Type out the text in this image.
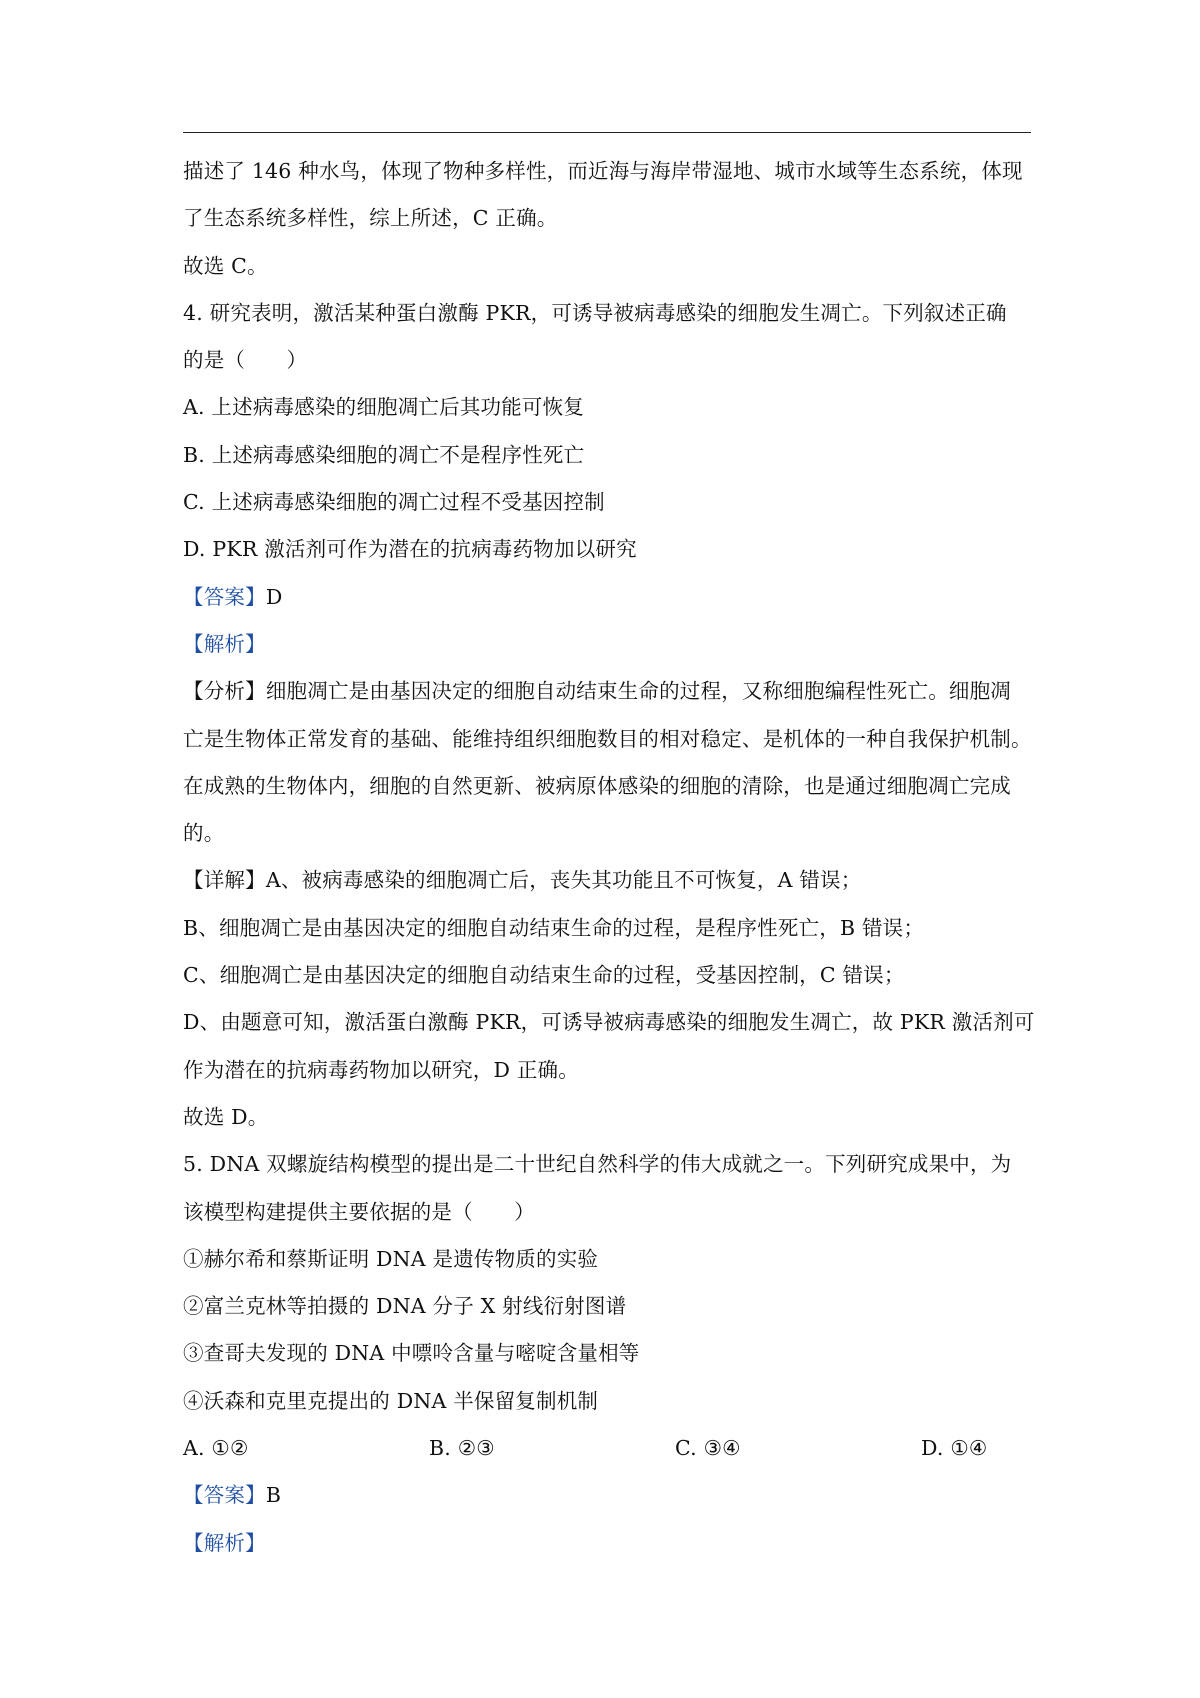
描述了 146 种水鸟，体现了物种多样性，而近海与海岸带湿地、城市水域等生态系统，体现
了生态系统多样性，综上所述，C 正确。
故选 C。
4. 研究表明，激活某种蛋白激酶 PKR，可诱导被病毒感染的细胞发生凋亡。下列叙述正确
的是（　　）
A. 上述病毒感染的细胞凋亡后其功能可恢复
B. 上述病毒感染细胞的凋亡不是程序性死亡
C. 上述病毒感染细胞的凋亡过程不受基因控制
D. PKR 激活剂可作为潜在的抗病毒药物加以研究
【答案】D
【解析】
【分析】细胞凋亡是由基因决定的细胞自动结束生命的过程，又称细胞编程性死亡。细胞凋
亡是生物体正常发育的基础、能维持组织细胞数目的相对稳定、是机体的一种自我保护机制。
在成熟的生物体内，细胞的自然更新、被病原体感染的细胞的清除，也是通过细胞凋亡完成
的。
【详解】A、被病毒感染的细胞凋亡后，丧失其功能且不可恢复，A 错误；
B、细胞凋亡是由基因决定的细胞自动结束生命的过程，是程序性死亡，B 错误；
C、细胞凋亡是由基因决定的细胞自动结束生命的过程，受基因控制，C 错误；
D、由题意可知，激活蛋白激酶 PKR，可诱导被病毒感染的细胞发生凋亡，故 PKR 激活剂可
作为潜在的抗病毒药物加以研究，D 正确。
故选 D。
5. DNA 双螺旋结构模型的提出是二十世纪自然科学的伟大成就之一。下列研究成果中，为
该模型构建提供主要依据的是（　　）
①赫尔希和蔡斯证明 DNA 是遗传物质的实验
②富兰克林等拍摄的 DNA 分子 X 射线衍射图谱
③查哥夫发现的 DNA 中嘌呤含量与嘧啶含量相等
④沃森和克里克提出的 DNA 半保留复制机制
A. ①②	B. ②③	C. ③④	D. ①④
【答案】B
【解析】
